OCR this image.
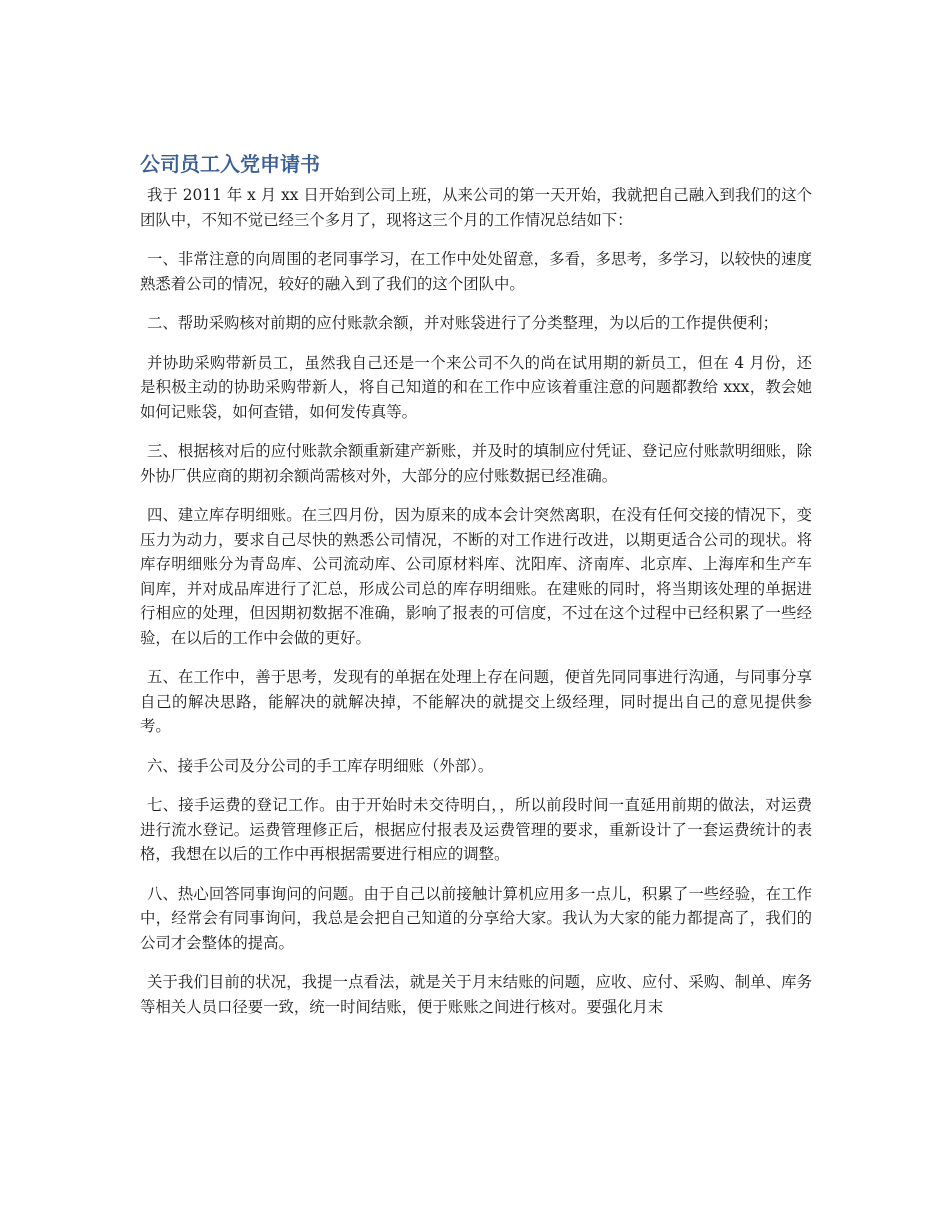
公司员工入党申请书

我于 2011 年 x 月 xx 日开始到公司上班，从来公司的第一天开始，我就把自己融入到我们的这个团队中，不知不觉已经三个多月了，现将这三个月的工作情况总结如下：

一、非常注意的向周围的老同事学习，在工作中处处留意，多看，多思考，多学习，以较快的速度熟悉着公司的情况，较好的融入到了我们的这个团队中。

二、帮助采购核对前期的应付账款余额，并对账袋进行了分类整理，为以后的工作提供便利；

并协助采购带新员工，虽然我自己还是一个来公司不久的尚在试用期的新员工，但在 4 月份，还是积极主动的协助采购带新人，将自己知道的和在工作中应该着重注意的问题都教给 xxx，教会她如何记账袋，如何查错，如何发传真等。

三、根据核对后的应付账款余额重新建产新账，并及时的填制应付凭证、登记应付账款明细账，除外协厂供应商的期初余额尚需核对外，大部分的应付账数据已经准确。

四、建立库存明细账。在三四月份，因为原来的成本会计突然离职，在没有任何交接的情况下，变压力为动力，要求自己尽快的熟悉公司情况，不断的对工作进行改进，以期更适合公司的现状。将库存明细账分为青岛库、公司流动库、公司原材料库、沈阳库、济南库、北京库、上海库和生产车间库，并对成品库进行了汇总，形成公司总的库存明细账。在建账的同时，将当期该处理的单据进行相应的处理，但因期初数据不准确，影响了报表的可信度，不过在这个过程中已经积累了一些经验，在以后的工作中会做的更好。

五、在工作中，善于思考，发现有的单据在处理上存在问题，便首先同同事进行沟通，与同事分享自己的解决思路，能解决的就解决掉，不能解决的就提交上级经理，同时提出自己的意见提供参考。

六、接手公司及分公司的手工库存明细账（外部）。

七、接手运费的登记工作。由于开始时未交待明白，，所以前段时间一直延用前期的做法，对运费进行流水登记。运费管理修正后，根据应付报表及运费管理的要求，重新设计了一套运费统计的表格，我想在以后的工作中再根据需要进行相应的调整。

八、热心回答同事询问的问题。由于自己以前接触计算机应用多一点儿，积累了一些经验，在工作中，经常会有同事询问，我总是会把自己知道的分享给大家。我认为大家的能力都提高了，我们的公司才会整体的提高。

关于我们目前的状况，我提一点看法，就是关于月末结账的问题，应收、应付、采购、制单、库务等相关人员口径要一致，统一时间结账，便于账账之间进行核对。要强化月末
